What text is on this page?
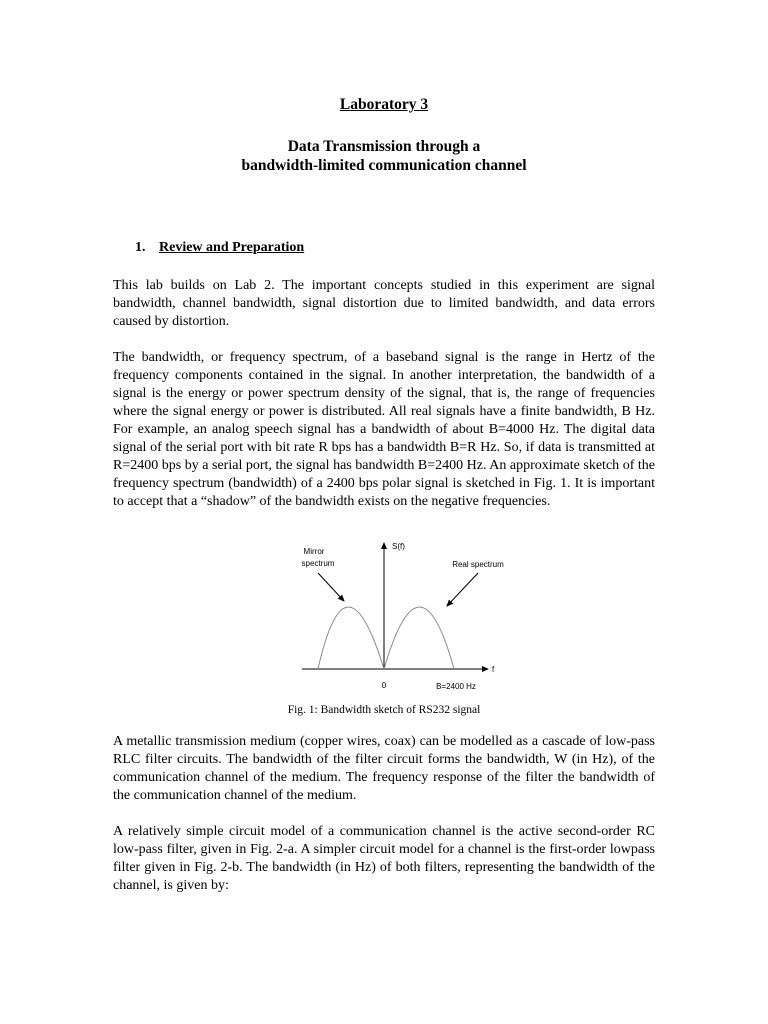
Laboratory 3
Data Transmission through a
bandwidth-limited communication channel
1. Review and Preparation

This lab builds on Lab 2. The important concepts studied in this experiment are signal bandwidth, channel bandwidth, signal distortion due to limited bandwidth, and data errors caused by distortion.

The bandwidth, or frequency spectrum, of a baseband signal is the range in Hertz of the frequency components contained in the signal. In another interpretation, the bandwidth of a signal is the energy or power spectrum density of the signal, that is, the range of frequencies where the signal energy or power is distributed. All real signals have a finite bandwidth, B Hz. For example, an analog speech signal has a bandwidth of about B=4000 Hz. The digital data signal of the serial port with bit rate R bps has a bandwidth B=R Hz. So, if data is transmitted at R=2400 bps by a serial port, the signal has bandwidth B=2400 Hz. An approximate sketch of the frequency spectrum (bandwidth) of a 2400 bps polar signal is sketched in Fig. 1. It is important to accept that a “shadow” of the bandwidth exists on the negative frequencies.

Mirror
spectrum	Real spectrum
S(f)
f
0	B=2400 Hz
Fig. 1: Bandwidth sketch of RS232 signal

A metallic transmission medium (copper wires, coax) can be modelled as a cascade of low-pass RLC filter circuits. The bandwidth of the filter circuit forms the bandwidth, W (in Hz), of the communication channel of the medium. The frequency response of the filter the bandwidth of the communication channel of the medium.

A relatively simple circuit model of a communication channel is the active second-order RC low-pass filter, given in Fig. 2-a. A simpler circuit model for a channel is the first-order lowpass filter given in Fig. 2-b. The bandwidth (in Hz) of both filters, representing the bandwidth of the channel, is given by:
